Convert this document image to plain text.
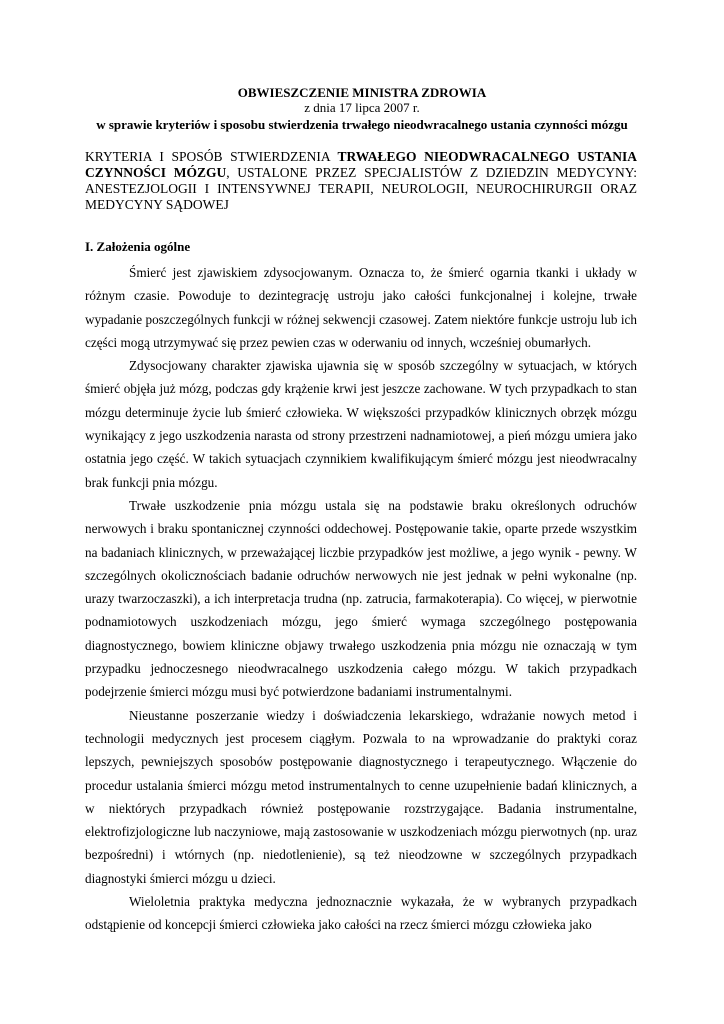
OBWIESZCZENIE MINISTRA ZDROWIA
z dnia 17 lipca 2007 r.
w sprawie kryteriów i sposobu stwierdzenia trwałego nieodwracalnego ustania czynności mózgu

KRYTERIA I SPOSÓB STWIERDZENIA TRWAŁEGO NIEODWRACALNEGO USTANIA CZYNNOŚCI MÓZGU, USTALONE PRZEZ SPECJALISTÓW Z DZIEDZIN MEDYCYNY: ANESTEZJOLOGII I INTENSYWNEJ TERAPII, NEUROLOGII, NEUROCHIRURGII ORAZ MEDYCYNY SĄDOWEJ

I. Założenia ogólne

Śmierć jest zjawiskiem zdysocjowanym. Oznacza to, że śmierć ogarnia tkanki i układy w różnym czasie. Powoduje to dezintegrację ustroju jako całości funkcjonalnej i kolejne, trwałe wypadanie poszczególnych funkcji w różnej sekwencji czasowej. Zatem niektóre funkcje ustroju lub ich części mogą utrzymywać się przez pewien czas w oderwaniu od innych, wcześniej obumarłych.

Zdysocjowany charakter zjawiska ujawnia się w sposób szczególny w sytuacjach, w których śmierć objęła już mózg, podczas gdy krążenie krwi jest jeszcze zachowane. W tych przypadkach to stan mózgu determinuje życie lub śmierć człowieka. W większości przypadków klinicznych obrzęk mózgu wynikający z jego uszkodzenia narasta od strony przestrzeni nadnamiotowej, a pień mózgu umiera jako ostatnia jego część. W takich sytuacjach czynnikiem kwalifikującym śmierć mózgu jest nieodwracalny brak funkcji pnia mózgu.

Trwałe uszkodzenie pnia mózgu ustala się na podstawie braku określonych odruchów nerwowych i braku spontanicznej czynności oddechowej. Postępowanie takie, oparte przede wszystkim na badaniach klinicznych, w przeważającej liczbie przypadków jest możliwe, a jego wynik - pewny. W szczególnych okolicznościach badanie odruchów nerwowych nie jest jednak w pełni wykonalne (np. urazy twarzoczaszki), a ich interpretacja trudna (np. zatrucia, farmakoterapia). Co więcej, w pierwotnie podnamiotowych uszkodzeniach mózgu, jego śmierć wymaga szczególnego postępowania diagnostycznego, bowiem kliniczne objawy trwałego uszkodzenia pnia mózgu nie oznaczają w tym przypadku jednoczesnego nieodwracalnego uszkodzenia całego mózgu. W takich przypadkach podejrzenie śmierci mózgu musi być potwierdzone badaniami instrumentalnymi.

Nieustanne poszerzanie wiedzy i doświadczenia lekarskiego, wdrażanie nowych metod i technologii medycznych jest procesem ciągłym. Pozwala to na wprowadzanie do praktyki coraz lepszych, pewniejszych sposobów postępowanie diagnostycznego i terapeutycznego. Włączenie do procedur ustalania śmierci mózgu metod instrumentalnych to cenne uzupełnienie badań klinicznych, a w niektórych przypadkach również postępowanie rozstrzygające. Badania instrumentalne, elektrofizjologiczne lub naczyniowe, mają zastosowanie w uszkodzeniach mózgu pierwotnych (np. uraz bezpośredni) i wtórnych (np. niedotlenienie), są też nieodzowne w szczególnych przypadkach diagnostyki śmierci mózgu u dzieci.

Wieloletnia praktyka medyczna jednoznacznie wykazała, że w wybranych przypadkach odstąpienie od koncepcji śmierci człowieka jako całości na rzecz śmierci mózgu człowieka jako
